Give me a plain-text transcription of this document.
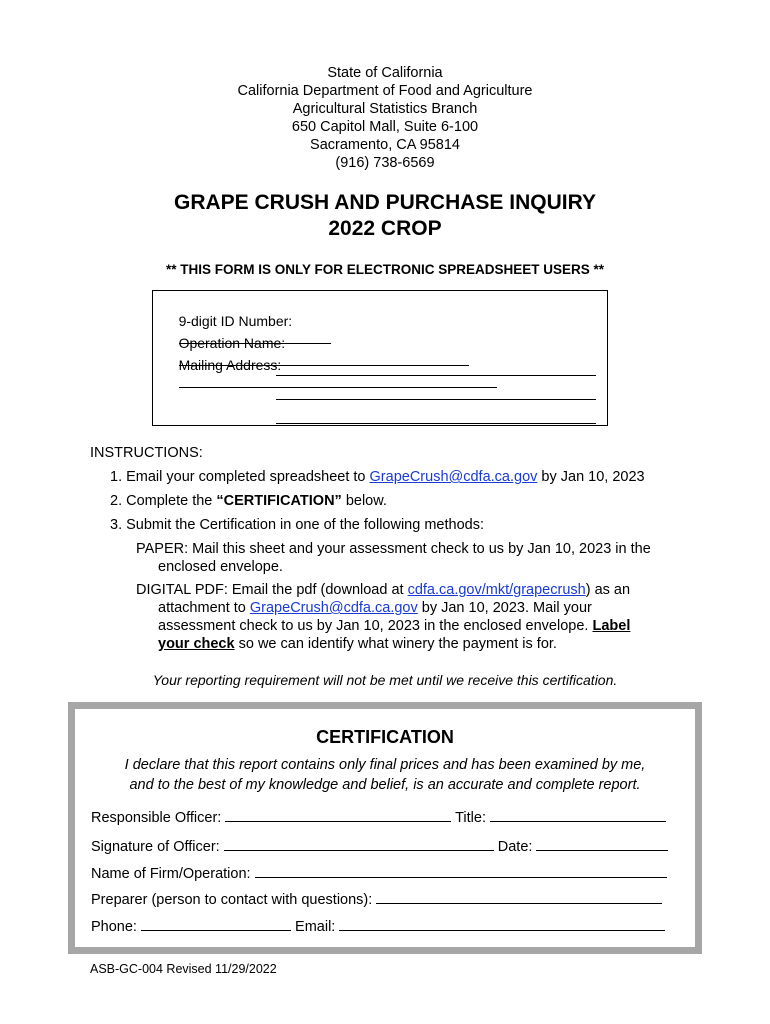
State of California
California Department of Food and Agriculture
Agricultural Statistics Branch
650 Capitol Mall, Suite 6-100
Sacramento, CA 95814
(916) 738-6569
GRAPE CRUSH AND PURCHASE INQUIRY
2022 CROP
** THIS FORM IS ONLY FOR ELECTRONIC SPREADSHEET USERS **

9-digit ID Number:

Operation Name:

Mailing Address:

INSTRUCTIONS:

1. Email your completed spreadsheet to GrapeCrush@cdfa.ca.gov by Jan 10, 2023

2. Complete the “CERTIFICATION” below.

3. Submit the Certification in one of the following methods:

PAPER: Mail this sheet and your assessment check to us by Jan 10, 2023 in the

enclosed envelope.

DIGITAL PDF: Email the pdf (download at cdfa.ca.gov/mkt/grapecrush) as an

attachment to GrapeCrush@cdfa.ca.gov by Jan 10, 2023. Mail your

assessment check to us by Jan 10, 2023 in the enclosed envelope. Label

your check so we can identify what winery the payment is for.

Your reporting requirement will not be met until we receive this certification.
CERTIFICATION
I declare that this report contains only final prices and has been examined by me,
and to the best of my knowledge and belief, is an accurate and complete report.
Responsible Officer:	Title:
Signature of Officer:	Date:
Name of Firm/Operation:
Preparer (person to contact with questions):
Phone:	Email:
ASB-GC-004 Revised 11/29/2022
